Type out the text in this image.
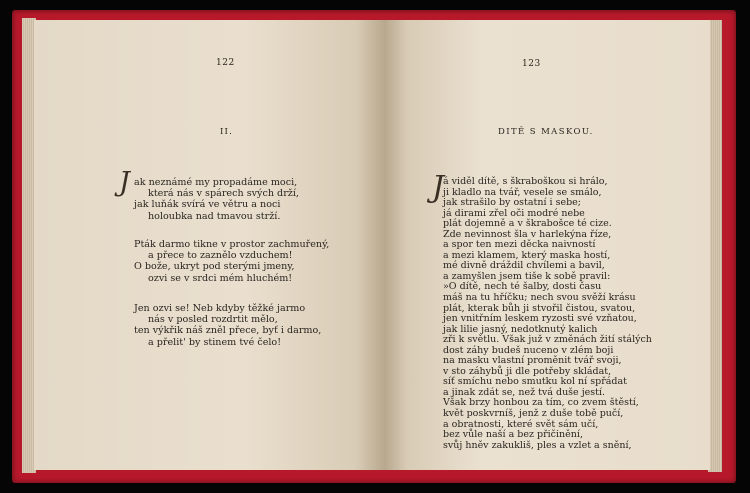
122
II.
J ak neznámé my propadáme moci,
která nás v spárech svých drží,
jak luňák svírá ve větru a noci
holoubka nad tmavou strží.
Pták darmo tikne v prostor zachmuřený,
a přece to zaznělo vzduchem!
O bože, ukryt pod sterými jmeny,
ozvi se v srdci mém hluchém!
Jen ozvi se! Neb kdyby těžké jarmo
nás v posled rozdrtit mělo,
ten výkřik náš zněl přece, byť i darmo,
a přelit' by stinem tvé čelo!
123
DITĚ S MASKOU.
J
á viděl dítě, s škraboškou si hrálo,
ji kladlo na tvář, vesele se smálo,
jak strašilo by ostatní i sebe;
já dirami zřel oči modré nebe
plát dojemně a v škrabošce té cize.
Zde nevinnost šla v harlekýna říze,
a spor ten mezi děcka naivností
a mezi klamem, který maska hostí,
mé divně dráždil chvílemi a bavil,
a zamyšlen jsem tiše k sobě pravil:
»O dítě, nech té šalby, dosti času
máš na tu hříčku; nech svou svěží krásu
plát, kterak bůh ji stvořil čistou, svatou,
jen vnitřním leskem ryzosti své vzňatou,
jak lilie jasný, nedotknutý kalich
zři k světlu. Však juž v změnách žití stálých
dost záhy budeš nuceno v zlém boji
na masku vlastní proměnit tvář svoji,
v sto záhybů ji dle potřeby skládat,
síť smíchu nebo smutku kol ní spřádat
a jinak zdát se, než tvá duše jestí.
Však brzy honbou za tím, co zvem štěstí,
květ poskvrníš, jenž z duše tobě pučí,
a obratnosti, které svět sám učí,
bez vůle naší a bez přičinění,
svůj hněv zakukliš, ples a vzlet a snění,
